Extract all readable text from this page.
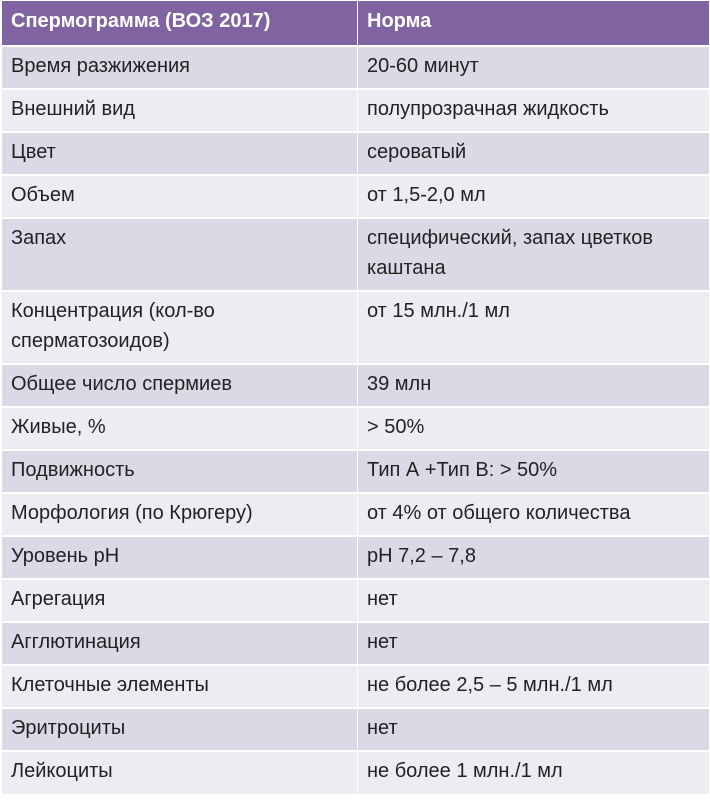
Спермограмма (ВОЗ 2017)	Норма
Время разжижения	20-60 минут
Внешний вид	полупрозрачная жидкость
Цвет	сероватый
Объем	от 1,5-2,0 мл
Запах	специфический, запах цветков каштана
Концентрация (кол-во сперматозоидов)	от 15 млн./1 мл
Общее число спермиев	39 млн
Живые, %	> 50%
Подвижность	Тип А +Тип В: > 50%
Морфология (по Крюгеру)	от 4% от общего количества
Уровень рН	рН 7,2 – 7,8
Агрегация	нет
Агглютинация	нет
Клеточные элементы	не более 2,5 – 5 млн./1 мл
Эритроциты	нет
Лейкоциты	не более 1 млн./1 мл
